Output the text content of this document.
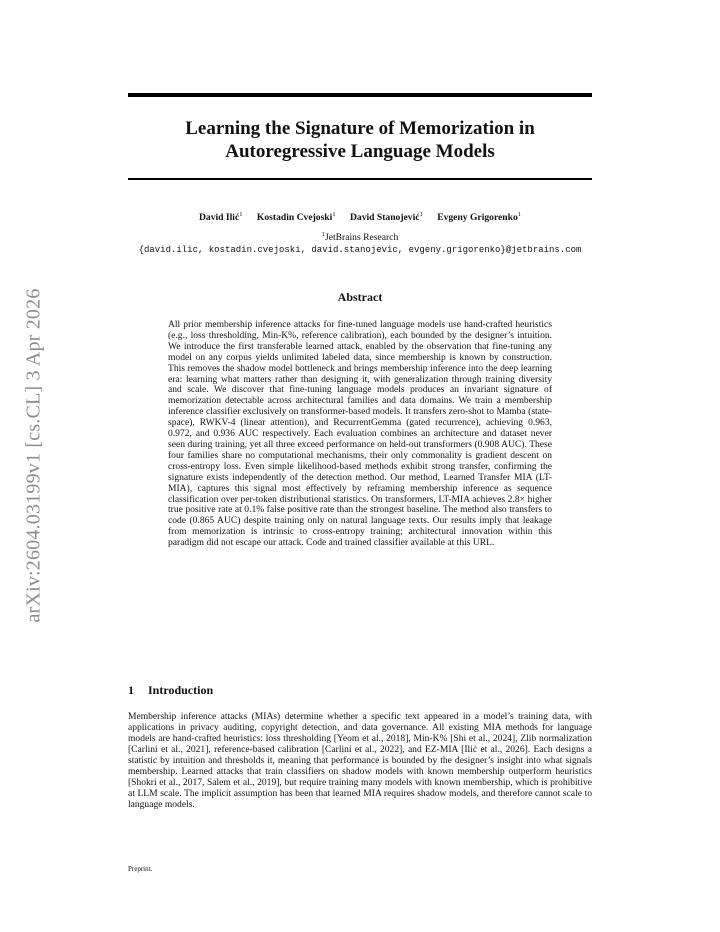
arXiv:2604.03199v1 [cs.CL] 3 Apr 2026
Learning the Signature of Memorization in
Autoregressive Language Models
David Ilić$^1$ Kostadin Cvejoski$^1$ David Stanojević$^1$ Evgeny Grigorenko$^1$
$^1$JetBrains Research
{david.ilic, kostadin.cvejoski, david.stanojevic, evgeny.grigorenko}@jetbrains.com
Abstract

All prior membership inference attacks for fine-tuned language models use hand-crafted heuristics (e.g., loss thresholding, Min-K%, reference calibration), each bounded by the designer’s intuition. We introduce the first transferable learned attack, enabled by the observation that fine-tuning any model on any corpus yields unlimited labeled data, since membership is known by construction. This removes the shadow model bottleneck and brings membership inference into the deep learning era: learning what matters rather than designing it, with generalization through training diversity and scale. We discover that fine-tuning language models produces an invariant signature of memorization detectable across architectural families and data domains. We train a membership inference classifier exclusively on transformer-based models. It transfers zero-shot to Mamba (state-space), RWKV-4 (linear attention), and RecurrentGemma (gated recurrence), achieving 0.963, 0.972, and 0.936 AUC respectively. Each evaluation combines an architecture and dataset never seen during training, yet all three exceed performance on held-out transformers (0.908 AUC). These four families share no computational mechanisms, their only commonality is gradient descent on cross-entropy loss. Even simple likelihood-based methods exhibit strong transfer, confirming the signature exists independently of the detection method. Our method, Learned Transfer MIA (LT-MIA), captures this signal most effectively by reframing membership inference as sequence classification over per-token distributional statistics. On transformers, LT-MIA achieves 2.8× higher true positive rate at 0.1% false positive rate than the strongest baseline. The method also transfers to code (0.865 AUC) despite training only on natural language texts. Our results imply that leakage from memorization is intrinsic to cross-entropy training; architectural innovation within this paradigm did not escape our attack. Code and trained classifier available at this URL.

1 Introduction

Membership inference attacks (MIAs) determine whether a specific text appeared in a model’s training data, with applications in privacy auditing, copyright detection, and data governance. All existing MIA methods for language models are hand-crafted heuristics: loss thresholding [Yeom et al., 2018], Min-K% [Shi et al., 2024], Zlib normalization [Carlini et al., 2021], reference-based calibration [Carlini et al., 2022], and EZ-MIA [Ilić et al., 2026]. Each designs a statistic by intuition and thresholds it, meaning that performance is bounded by the designer’s insight into what signals membership. Learned attacks that train classifiers on shadow models with known membership outperform heuristics [Shokri et al., 2017, Salem et al., 2019], but require training many models with known membership, which is prohibitive at LLM scale. The implicit assumption has been that learned MIA requires shadow models, and therefore cannot scale to language models.

Preprint.
